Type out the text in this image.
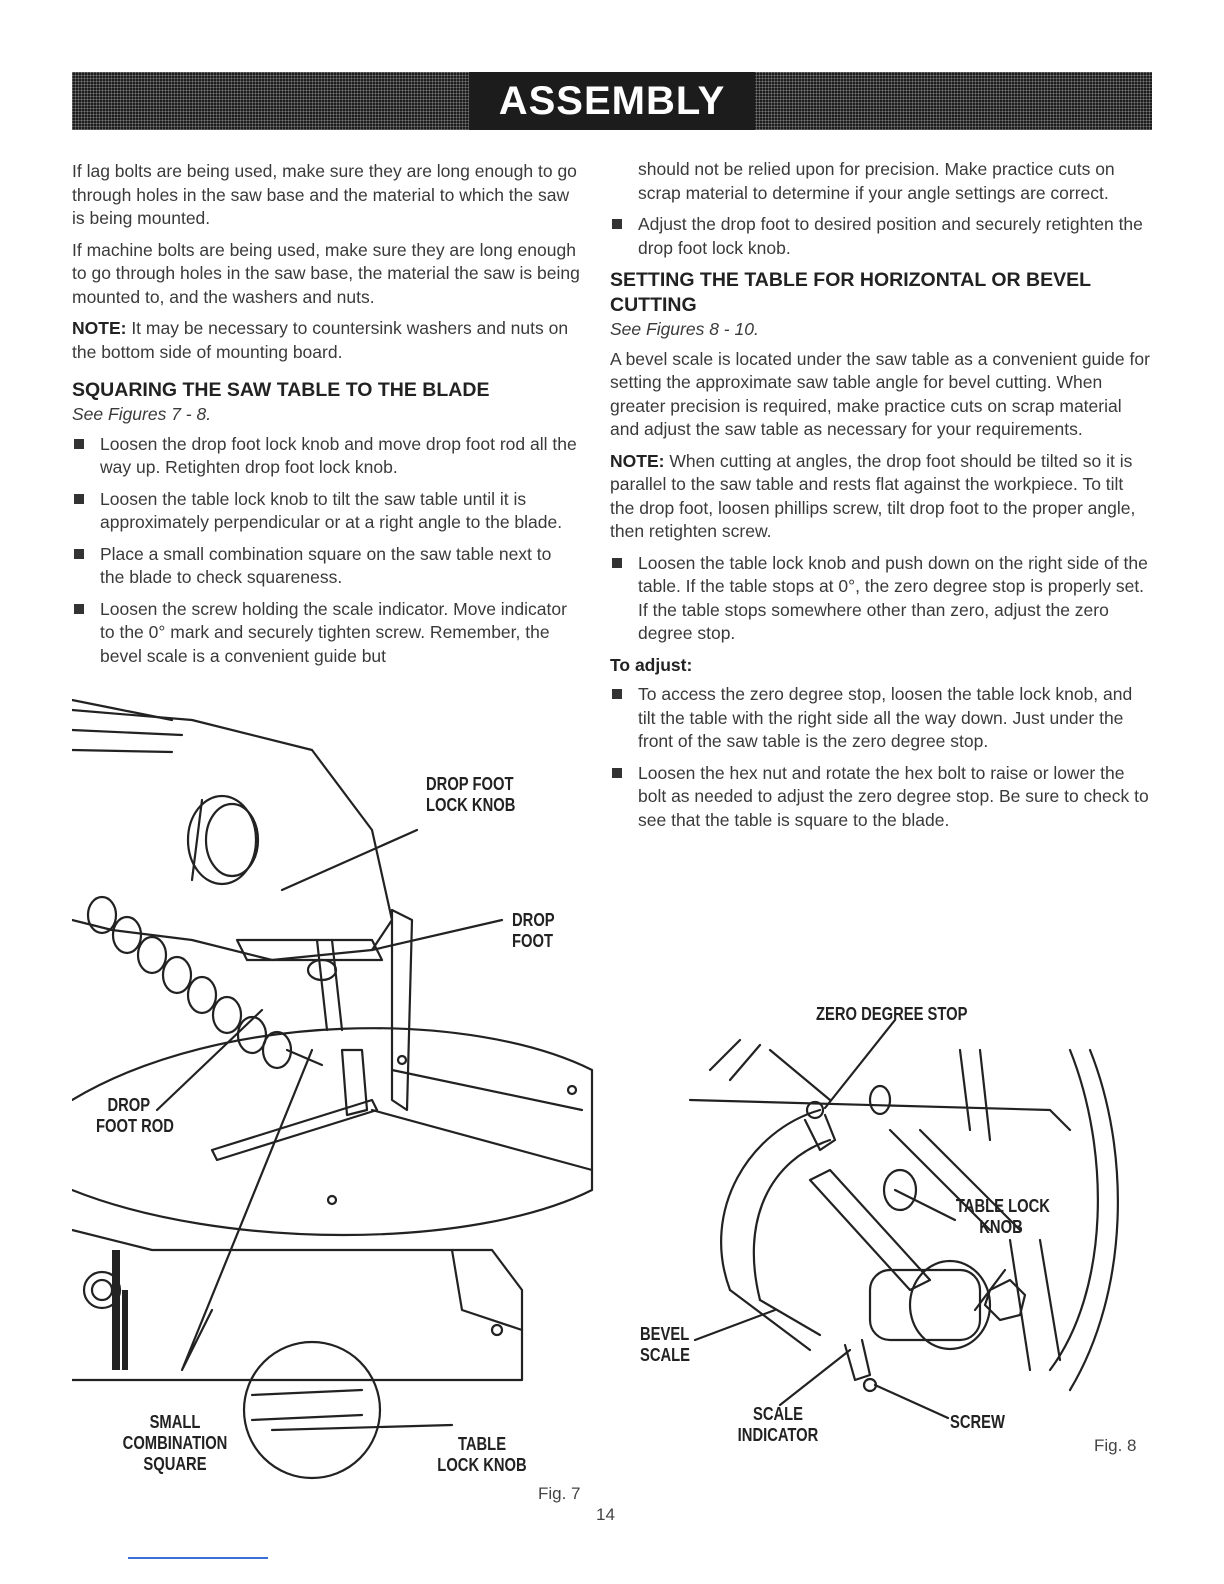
ASSEMBLY

If lag bolts are being used, make sure they are long enough to go through holes in the saw base and the material to which the saw is being mounted.

If machine bolts are being used, make sure they are long enough to go through holes in the saw base, the material the saw is being mounted to, and the washers and nuts.

NOTE: It may be necessary to countersink washers and nuts on the bottom side of mounting board.

SQUARING THE SAW TABLE TO THE BLADE
See Figures 7 - 8.
Loosen the drop foot lock knob and move drop foot rod all the way up. Retighten drop foot lock knob.
Loosen the table lock knob to tilt the saw table until it is approximately perpendicular or at a right angle to the blade.
Place a small combination square on the saw table next to the blade to check squareness.
Loosen the screw holding the scale indicator. Move indicator to the 0° mark and securely tighten screw. Remember, the bevel scale is a convenient guide but

should not be relied upon for precision. Make practice cuts on scrap material to determine if your angle settings are correct.

Adjust the drop foot to desired position and securely retighten the drop foot lock knob.
SETTING THE TABLE FOR HORIZONTAL OR BEVEL CUTTING
See Figures 8 - 10.

A bevel scale is located under the saw table as a convenient guide for setting the approximate saw table angle for bevel cutting. When greater precision is required, make practice cuts on scrap material and adjust the saw table as necessary for your requirements.

NOTE: When cutting at angles, the drop foot should be tilted so it is parallel to the saw table and rests flat against the workpiece. To tilt the drop foot, loosen phillips screw, tilt drop foot to the proper angle, then retighten screw.

Loosen the table lock knob and push down on the right side of the table. If the table stops at 0°, the zero degree stop is properly set. If the table stops somewhere other than zero, adjust the zero degree stop.
To adjust:
To access the zero degree stop, loosen the table lock knob, and tilt the table with the right side all the way down. Just under the front of the saw table is the zero degree stop.
Loosen the hex nut and rotate the hex bolt to raise or lower the bolt as needed to adjust the zero degree stop. Be sure to check to see that the table is square to the blade.
DROP FOOT
LOCK KNOB
DROP
FOOT
DROP
FOOT ROD
SMALL
COMBINATION
SQUARE
TABLE
LOCK KNOB
Fig. 7
ZERO DEGREE STOP
TABLE LOCK
KNOB
BEVEL
SCALE
SCALE
INDICATOR
SCREW
Fig. 8
14
